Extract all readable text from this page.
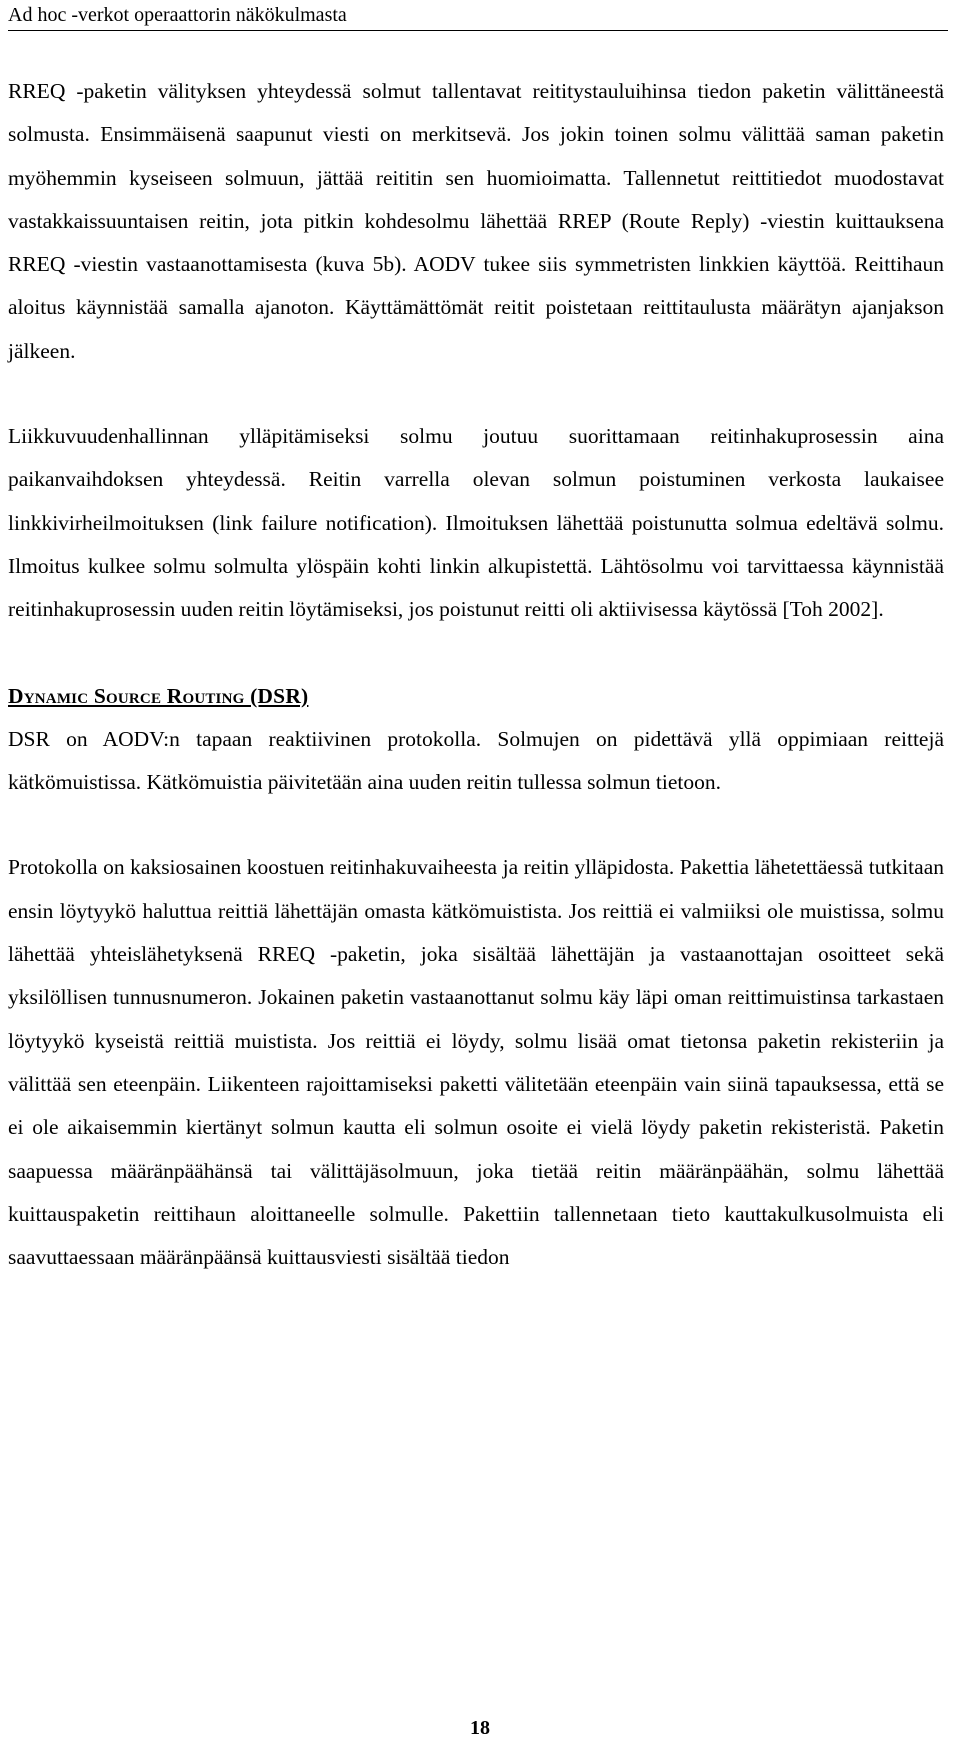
Ad hoc -verkot operaattorin näkökulmasta

RREQ -paketin välityksen yhteydessä solmut tallentavat reititystauluihinsa tiedon paketin välittäneestä solmusta. Ensimmäisenä saapunut viesti on merkitsevä. Jos jokin toinen solmu välittää saman paketin myöhemmin kyseiseen solmuun, jättää reititin sen huomioimatta. Tallennetut reittitiedot muodostavat vastakkaissuuntaisen reitin, jota pitkin kohdesolmu lähettää RREP (Route Reply) -viestin kuittauksena RREQ -viestin vastaanottamisesta (kuva 5b). AODV tukee siis symmetristen linkkien käyttöä. Reittihaun aloitus käynnistää samalla ajanoton. Käyttämättömät reitit poistetaan reittitaulusta määrätyn ajanjakson jälkeen.

Liikkuvuudenhallinnan ylläpitämiseksi solmu joutuu suorittamaan reitinhakuprosessin aina paikanvaihdoksen yhteydessä. Reitin varrella olevan solmun poistuminen verkosta laukaisee linkkivirheilmoituksen (link failure notification). Ilmoituksen lähettää poistunutta solmua edeltävä solmu. Ilmoitus kulkee solmu solmulta ylöspäin kohti linkin alkupistettä. Lähtösolmu voi tarvittaessa käynnistää reitinhakuprosessin uuden reitin löytämiseksi, jos poistunut reitti oli aktiivisessa käytössä [Toh 2002].

Dynamic Source Routing (DSR)

DSR on AODV:n tapaan reaktiivinen protokolla. Solmujen on pidettävä yllä oppimiaan reittejä kätkömuistissa. Kätkömuistia päivitetään aina uuden reitin tullessa solmun tietoon.

Protokolla on kaksiosainen koostuen reitinhakuvaiheesta ja reitin ylläpidosta. Pakettia lähetettäessä tutkitaan ensin löytyykö haluttua reittiä lähettäjän omasta kätkömuistista. Jos reittiä ei valmiiksi ole muistissa, solmu lähettää yhteislähetyksenä RREQ -paketin, joka sisältää lähettäjän ja vastaanottajan osoitteet sekä yksilöllisen tunnusnumeron. Jokainen paketin vastaanottanut solmu käy läpi oman reittimuistinsa tarkastaen löytyykö kyseistä reittiä muistista. Jos reittiä ei löydy, solmu lisää omat tietonsa paketin rekisteriin ja välittää sen eteenpäin. Liikenteen rajoittamiseksi paketti välitetään eteenpäin vain siinä tapauksessa, että se ei ole aikaisemmin kiertänyt solmun kautta eli solmun osoite ei vielä löydy paketin rekisteristä. Paketin saapuessa määränpäähänsä tai välittäjäsolmuun, joka tietää reitin määränpäähän, solmu lähettää kuittauspaketin reittihaun aloittaneelle solmulle. Pakettiin tallennetaan tieto kauttakulkusolmuista eli saavuttaessaan määränpäänsä kuittausviesti sisältää tiedon

18
